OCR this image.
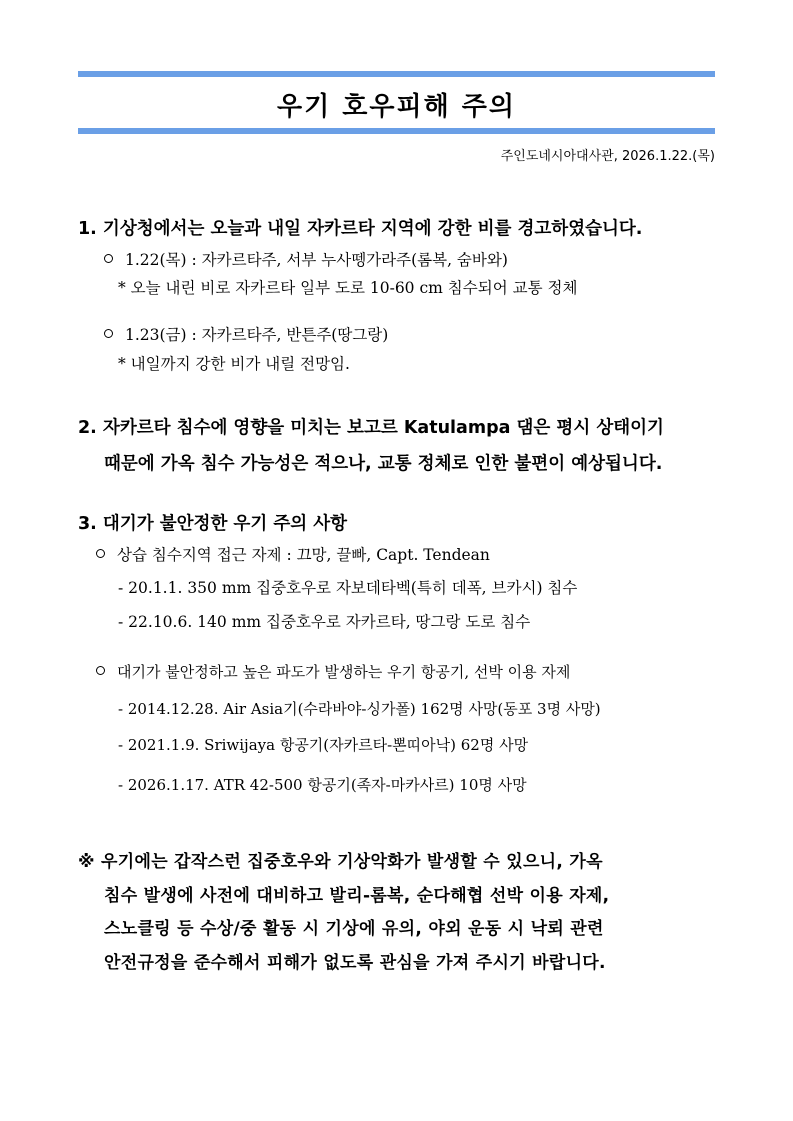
우기 호우피해 주의
주인도네시아대사관, 2026.1.22.(목)
1. 기상청에서는 오늘과 내일 자카르타 지역에 강한 비를 경고하였습니다.
1.22(목) : 자카르타주, 서부 누사뗑가라주(롬복, 숨바와)
* 오늘 내린 비로 자카르타 일부 도로 10-60 cm 침수되어 교통 정체
1.23(금) : 자카르타주, 반튼주(땅그랑)
* 내일까지 강한 비가 내릴 전망임.
2. 자카르타 침수에 영향을 미치는 보고르 Katulampa 댐은 평시 상태이기
때문에 가옥 침수 가능성은 적으나, 교통 정체로 인한 불편이 예상됩니다.
3. 대기가 불안정한 우기 주의 사항
상습 침수지역 접근 자제 : 끄망, 끌빠, Capt. Tendean
- 20.1.1. 350 mm 집중호우로 자보데타벡(특히 데폭, 브카시) 침수
- 22.10.6. 140 mm 집중호우로 자카르타, 땅그랑 도로 침수
대기가 불안정하고 높은 파도가 발생하는 우기 항공기, 선박 이용 자제
- 2014.12.28. Air Asia기(수라바야-싱가폴) 162명 사망(동포 3명 사망)
- 2021.1.9. Sriwijaya 항공기(자카르타-뽄띠아낙) 62명 사망
- 2026.1.17. ATR 42-500 항공기(족자-마카사르) 10명 사망
※ 우기에는 갑작스런 집중호우와 기상악화가 발생할 수 있으니, 가옥
침수 발생에 사전에 대비하고 발리-롬복, 순다해협 선박 이용 자제,
스노클링 등 수상/중 활동 시 기상에 유의, 야외 운동 시 낙뢰 관련
안전규정을 준수해서 피해가 없도록 관심을 가져 주시기 바랍니다.
